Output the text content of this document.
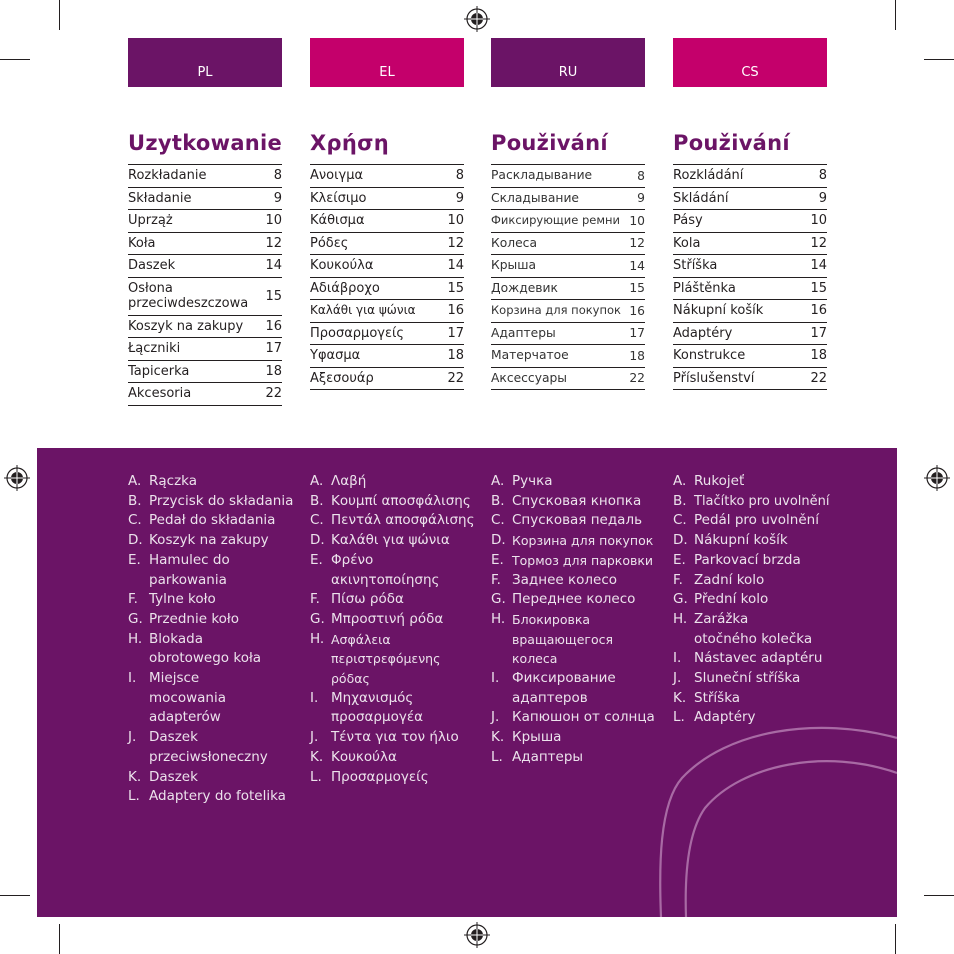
PL	EL	RU	CS
Uzytkowanie
Rozkładanie	8
Składanie	9
Uprząż	10
Koła	12
Daszek	14
Osłona przeciwdeszczowa	15
Koszyk na zakupy 16
Łączniki	17
Tapicerka	18
Akcesoria	22
Χρήση
Ανοιγμα	8
Κλείσιμο	9
Κάθισμα	10
Ρόδες	12
Κουκούλα	14
Αδιάβροχο	15
Καλάθι για ψώνια 16
Προσαρμογείς	17
Υφασμα	18
Αξεσουάρ	22
Použivání
Раскладывание	8
Складывание	9
Фиксирующие ремни 10
Колеса	12
Крыша	14
Дождевик	15
Корзина для покупок 16
Адаптеры	17
Матерчатое	18
Аксессуары	22
Použivání
Rozkládání	8
Skládání	9
Pásy	10
Kola	12
Stříška	14
Pláštěnka	15
Nákupní košík	16
Adaptéry	17
Konstrukce	18
Příslušenství	22
A. Rączka
B. Przycisk do składania
C. Pedał do składania
D. Koszyk na zakupy
E. Hamulec do parkowania
F. Tylne koło
G. Przednie koło
H. Blokada obrotowego koła
I. Miejsce mocowania adapterów
J. Daszek przeciwsłoneczny
K. Daszek
L. Adaptery do fotelika
A. Λαβή
B. Κουμπί αποσφάλισης
C. Πεντάλ αποσφάλισης
D. Καλάθι για ψώνια
E. Φρένο ακινητοποίησης
F. Πίσω ρόδα
G. Μπροστινή ρόδα
H. Ασφάλεια περιστρεφόμενης ρόδας
I. Μηχανισμός προσαρμογέα
J. Τέντα για τον ήλιο
K. Κουκούλα
L. Προσαρμογείς
A. Ручка
B. Спусковая кнопка
C. Спусковая педаль
D. Корзина для покупок
E. Тормоз для парковки
F. Заднее колесо
G. Переднее колесо
H. Блокировка вращающегося колеса
I. Фиксирование адаптеров
J. Капюшон от солнца
K. Крыша
L. Адаптеры
A. Rukojeť
B. Tlačítko pro uvolnění
C. Pedál pro uvolnění
D. Nákupní košík
E. Parkovací brzda
F. Zadní kolo
G. Přední kolo
H. Zarážka otočného kolečka
I. Nástavec adaptéru
J. Sluneční stříška
K. Stříška
L. Adaptéry
